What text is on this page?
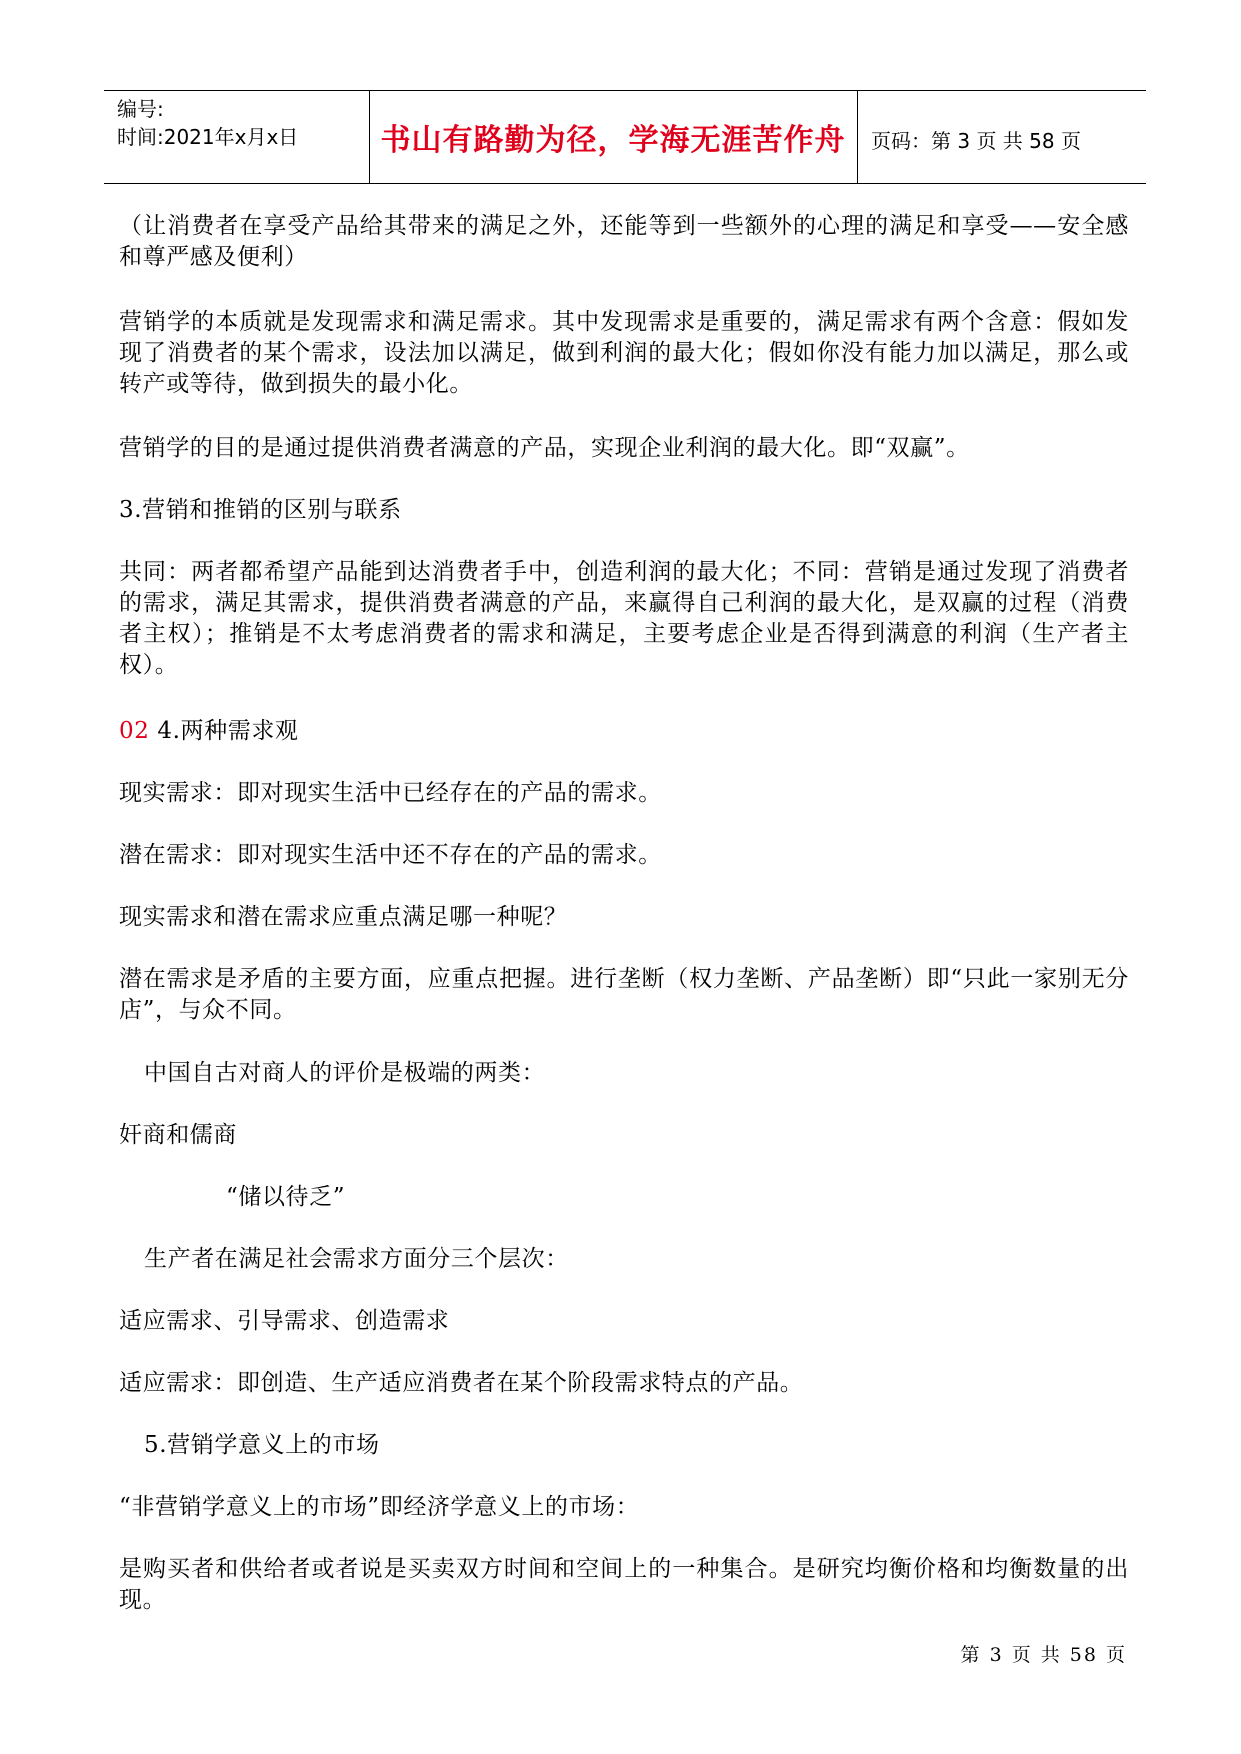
编号:
时间:2021年x月x日	书山有路勤为径，学海无涯苦作舟	页码：第 3 页 共 58 页

（让消费者在享受产品给其带来的满足之外，还能等到一些额外的心理的满足和享受——安全感和尊严感及便利）

营销学的本质就是发现需求和满足需求。其中发现需求是重要的，满足需求有两个含意：假如发现了消费者的某个需求，设法加以满足，做到利润的最大化；假如你没有能力加以满足，那么或转产或等待，做到损失的最小化。

营销学的目的是通过提供消费者满意的产品，实现企业利润的最大化。即“双赢”。

3.营销和推销的区别与联系

共同：两者都希望产品能到达消费者手中，创造利润的最大化；不同：营销是通过发现了消费者的需求，满足其需求，提供消费者满意的产品，来赢得自己利润的最大化，是双赢的过程（消费者主权）；推销是不太考虑消费者的需求和满足，主要考虑企业是否得到满意的利润（生产者主权）。

02 4.两种需求观

现实需求：即对现实生活中已经存在的产品的需求。

潜在需求：即对现实生活中还不存在的产品的需求。

现实需求和潜在需求应重点满足哪一种呢？

潜在需求是矛盾的主要方面，应重点把握。进行垄断（权力垄断、产品垄断）即“只此一家别无分店”，与众不同。

中国自古对商人的评价是极端的两类：

奸商和儒商

“储以待乏”

生产者在满足社会需求方面分三个层次：

适应需求、引导需求、创造需求

适应需求：即创造、生产适应消费者在某个阶段需求特点的产品。

5.营销学意义上的市场

“非营销学意义上的市场”即经济学意义上的市场：

是购买者和供给者或者说是买卖双方时间和空间上的一种集合。是研究均衡价格和均衡数量的出现。

第 3 页 共 58 页
